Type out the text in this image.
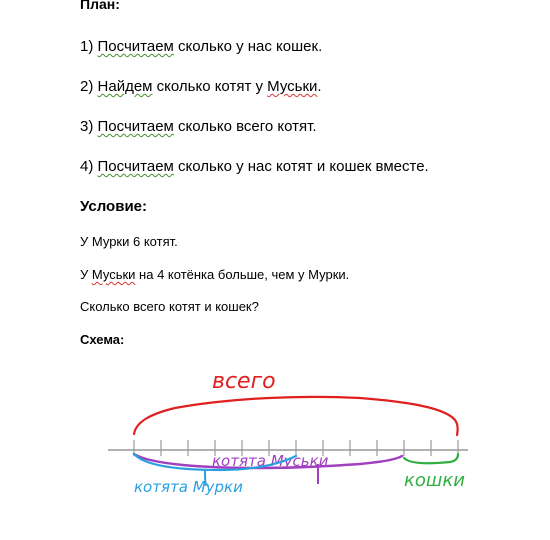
План:
1) Посчитаем сколько у нас кошек.
2) Найдем сколько котят у Муськи.
3) Посчитаем сколько всего котят.
4) Посчитаем сколько у нас котят и кошек вместе.
Условие:
У Мурки 6 котят.
У Муськи на 4 котёнка больше, чем у Мурки.
Сколько всего котят и кошек?
Схема:
всего
котята Муськи
котята Мурки	кошки
